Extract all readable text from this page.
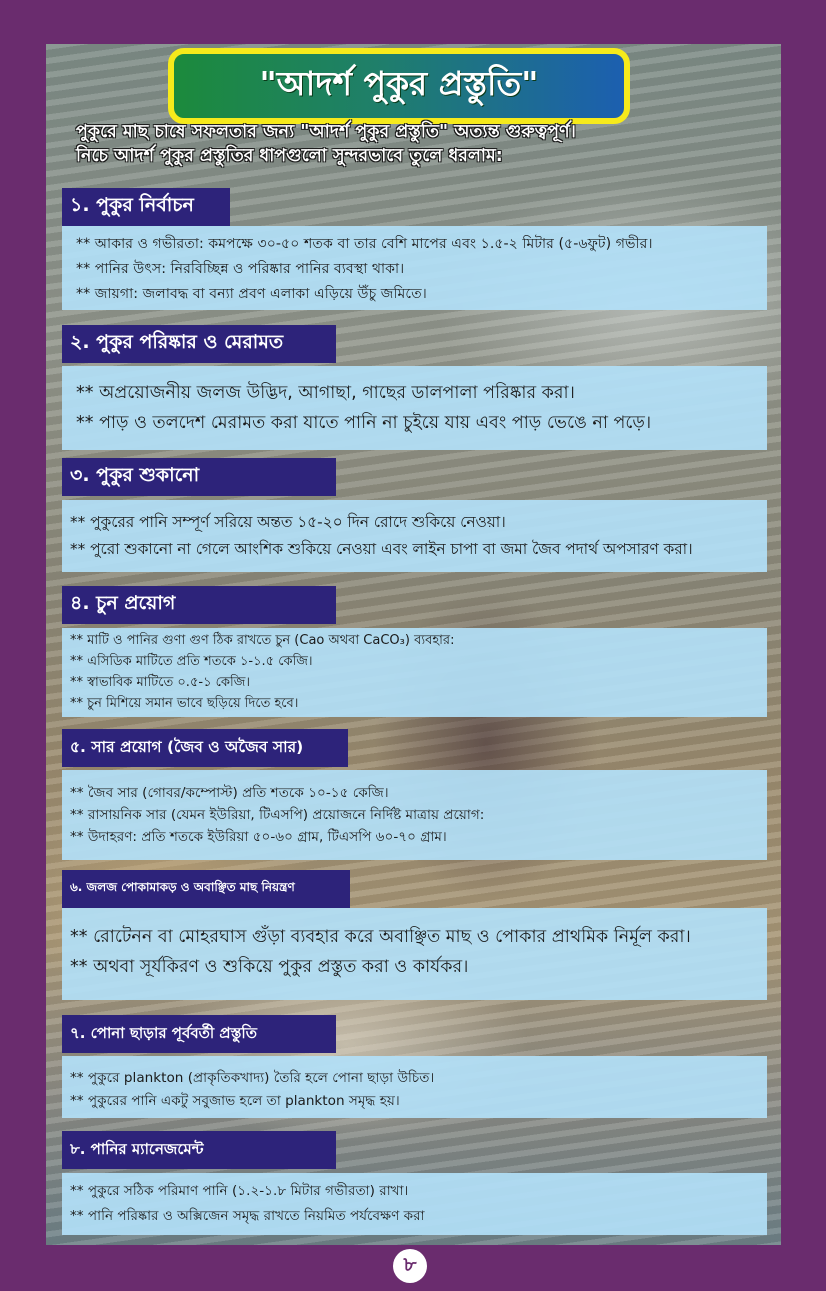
"আদর্শ পুকুর প্রস্তুতি"
পুকুরে মাছ চাষে সফলতার জন্য "আদর্শ পুকুর প্রস্তুতি" অত্যন্ত গুরুত্বপূর্ণ।
নিচে আদর্শ পুকুর প্রস্তুতির ধাপগুলো সুন্দরভাবে তুলে ধরলাম:
১. পুকুর নির্বাচন
** আকার ও গভীরতা: কমপক্ষে ৩০-৫০ শতক বা তার বেশি মাপের এবং ১.৫-২ মিটার (৫-৬ফুট) গভীর।
** পানির উৎস: নিরবিচ্ছিন্ন ও পরিষ্কার পানির ব্যবস্থা থাকা।
** জায়গা: জলাবদ্ধ বা বন্যা প্রবণ এলাকা এড়িয়ে উঁচু জমিতে।
২. পুকুর পরিষ্কার ও মেরামত
** অপ্রয়োজনীয় জলজ উদ্ভিদ, আগাছা, গাছের ডালপালা পরিষ্কার করা।
** পাড় ও তলদেশ মেরামত করা যাতে পানি না চুইয়ে যায় এবং পাড় ভেঙে না পড়ে।
৩. পুকুর শুকানো
** পুকুরের পানি সম্পূর্ণ সরিয়ে অন্তত ১৫-২০ দিন রোদে শুকিয়ে নেওয়া।
** পুরো শুকানো না গেলে আংশিক শুকিয়ে নেওয়া এবং লাইন চাপা বা জমা জৈব পদার্থ অপসারণ করা।
৪. চুন প্রয়োগ
** মাটি ও পানির গুণা গুণ ঠিক রাখতে চুন (Cao অথবা CaCO₃) ব্যবহার:
** এসিডিক মাটিতে প্রতি শতকে ১-১.৫ কেজি।
** স্বাভাবিক মাটিতে ০.৫-১ কেজি।
** চুন মিশিয়ে সমান ভাবে ছড়িয়ে দিতে হবে।
৫. সার প্রয়োগ (জৈব ও অজৈব সার)
** জৈব সার (গোবর/কম্পোস্ট) প্রতি শতকে ১০-১৫ কেজি।
** রাসায়নিক সার (যেমন ইউরিয়া, টিএসপি) প্রয়োজনে নির্দিষ্ট মাত্রায় প্রয়োগ:
** উদাহরণ: প্রতি শতকে ইউরিয়া ৫০-৬০ গ্রাম, টিএসপি ৬০-৭০ গ্রাম।
৬. জলজ পোকামাকড় ও অবাঞ্ছিত মাছ নিয়ন্ত্রণ
** রোটেনন বা মোহরঘাস গুঁড়া ব্যবহার করে অবাঞ্ছিত মাছ ও পোকার প্রাথমিক নির্মূল করা।
** অথবা সূর্যকিরণ ও শুকিয়ে পুকুর প্রস্তুত করা ও কার্যকর।
৭. পোনা ছাড়ার পূর্ববর্তী প্রস্তুতি
** পুকুরে plankton (প্রাকৃতিকখাদ্য) তৈরি হলে পোনা ছাড়া উচিত।
** পুকুরের পানি একটু সবুজাভ হলে তা plankton সমৃদ্ধ হয়।
৮. পানির ম্যানেজমেন্ট
** পুকুরে সঠিক পরিমাণ পানি (১.২-১.৮ মিটার গভীরতা) রাখা।
** পানি পরিষ্কার ও অক্সিজেন সমৃদ্ধ রাখতে নিয়মিত পর্যবেক্ষণ করা
৮
